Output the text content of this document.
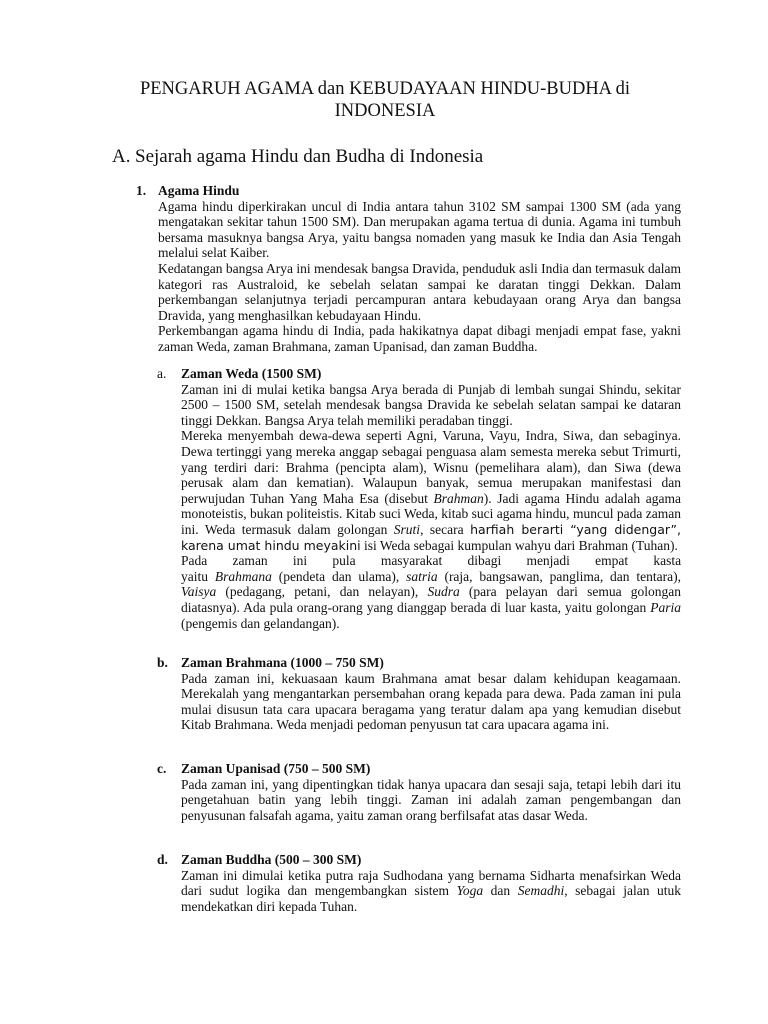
PENGARUH AGAMA dan KEBUDAYAAN HINDU-BUDHA di
INDONESIA
A. Sejarah agama Hindu dan Budha di Indonesia
1. Agama Hindu

Agama hindu diperkirakan uncul di India antara tahun 3102 SM sampai 1300 SM (ada yang mengatakan sekitar tahun 1500 SM). Dan merupakan agama tertua di dunia. Agama ini tumbuh bersama masuknya bangsa Arya, yaitu bangsa nomaden yang masuk ke India dan Asia Tengah melalui selat Kaiber.

Kedatangan bangsa Arya ini mendesak bangsa Dravida, penduduk asli India dan termasuk dalam kategori ras Australoid, ke sebelah selatan sampai ke daratan tinggi Dekkan. Dalam perkembangan selanjutnya terjadi percampuran antara kebudayaan orang Arya dan bangsa Dravida, yang menghasilkan kebudayaan Hindu.

Perkembangan agama hindu di India, pada hakikatnya dapat dibagi menjadi empat fase, yakni zaman Weda, zaman Brahmana, zaman Upanisad, dan zaman Buddha.

a. Zaman Weda (1500 SM)

Zaman ini di mulai ketika bangsa Arya berada di Punjab di lembah sungai Shindu, sekitar 2500 – 1500 SM, setelah mendesak bangsa Dravida ke sebelah selatan sampai ke dataran tinggi Dekkan. Bangsa Arya telah memiliki peradaban tinggi.

Mereka menyembah dewa-dewa seperti Agni, Varuna, Vayu, Indra, Siwa, dan sebaginya. Dewa tertinggi yang mereka anggap sebagai penguasa alam semesta mereka sebut Trimurti, yang terdiri dari: Brahma (pencipta alam), Wisnu (pemelihara alam), dan Siwa (dewa perusak alam dan kematian). Walaupun banyak, semua merupakan manifestasi dan perwujudan Tuhan Yang Maha Esa (disebut Brahman). Jadi agama Hindu adalah agama monoteistis, bukan politeistis. Kitab suci Weda, kitab suci agama hindu, muncul pada zaman ini. Weda termasuk dalam golongan Sruti, secara harfiah berarti “yang didengar”, karena umat hindu meyakini isi Weda sebagai kumpulan wahyu dari Brahman (Tuhan).

Pada zaman ini pula masyarakat dibagi menjadi empat kasta

yaitu Brahmana (pendeta dan ulama), satria (raja, bangsawan, panglima, dan tentara), Vaisya (pedagang, petani, dan nelayan), Sudra (para pelayan dari semua golongan diatasnya). Ada pula orang-orang yang dianggap berada di luar kasta, yaitu golongan Paria (pengemis dan gelandangan).

b. Zaman Brahmana (1000 – 750 SM)

Pada zaman ini, kekuasaan kaum Brahmana amat besar dalam kehidupan keagamaan. Merekalah yang mengantarkan persembahan orang kepada para dewa. Pada zaman ini pula mulai disusun tata cara upacara beragama yang teratur dalam apa yang kemudian disebut Kitab Brahmana. Weda menjadi pedoman penyusun tat cara upacara agama ini.

c. Zaman Upanisad (750 – 500 SM)

Pada zaman ini, yang dipentingkan tidak hanya upacara dan sesaji saja, tetapi lebih dari itu pengetahuan batin yang lebih tinggi. Zaman ini adalah zaman pengembangan dan penyusunan falsafah agama, yaitu zaman orang berfilsafat atas dasar Weda.

d. Zaman Buddha (500 – 300 SM)

Zaman ini dimulai ketika putra raja Sudhodana yang bernama Sidharta menafsirkan Weda dari sudut logika dan mengembangkan sistem Yoga dan Semadhi, sebagai jalan utuk mendekatkan diri kepada Tuhan.
